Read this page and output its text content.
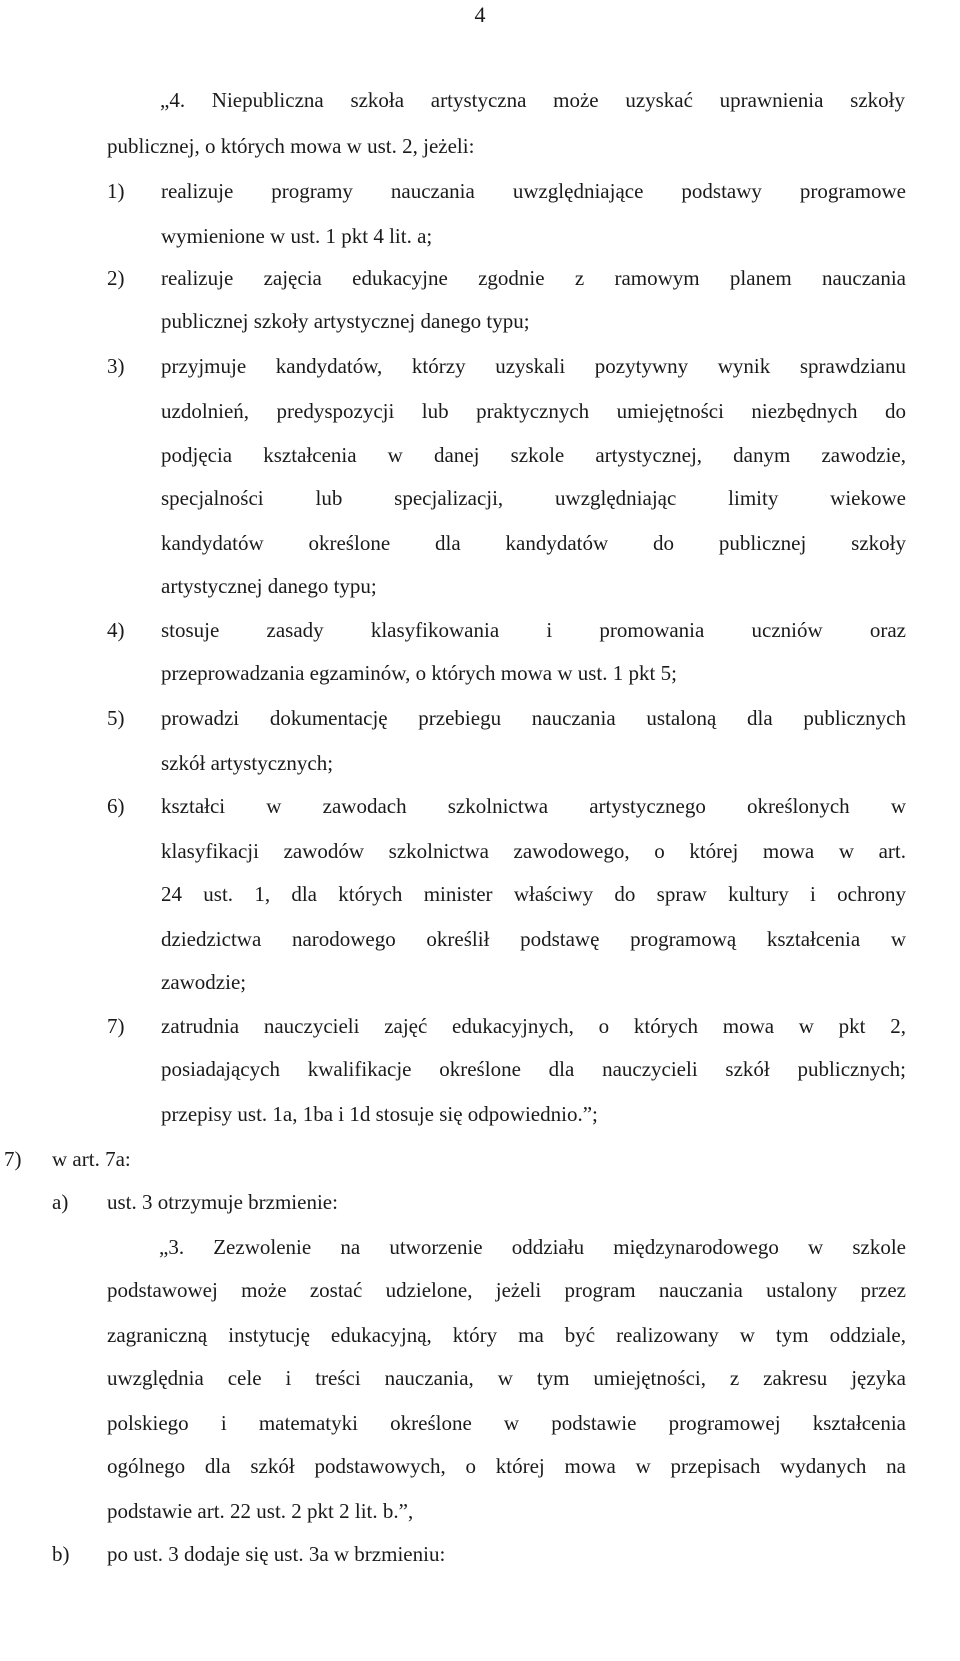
4
„4. Niepubliczna szkoła artystyczna może uzyskać uprawnienia szkoły
publicznej, o których mowa w ust. 2, jeżeli:
1) realizuje programy nauczania uwzględniające podstawy programowe
wymienione w ust. 1 pkt 4 lit. a;
2) realizuje zajęcia edukacyjne zgodnie z ramowym planem nauczania
publicznej szkoły artystycznej danego typu;
3) przyjmuje kandydatów, którzy uzyskali pozytywny wynik sprawdzianu
uzdolnień, predyspozycji lub praktycznych umiejętności niezbędnych do
podjęcia kształcenia w danej szkole artystycznej, danym zawodzie,
specjalności lub specjalizacji, uwzględniając limity wiekowe
kandydatów określone dla kandydatów do publicznej szkoły
artystycznej danego typu;
4) stosuje zasady klasyfikowania i promowania uczniów oraz
przeprowadzania egzaminów, o których mowa w ust. 1 pkt 5;
5) prowadzi dokumentację przebiegu nauczania ustaloną dla publicznych
szkół artystycznych;
6) kształci w zawodach szkolnictwa artystycznego określonych w
klasyfikacji zawodów szkolnictwa zawodowego, o której mowa w art.
24 ust. 1, dla których minister właściwy do spraw kultury i ochrony
dziedzictwa narodowego określił podstawę programową kształcenia w
zawodzie;
7) zatrudnia nauczycieli zajęć edukacyjnych, o których mowa w pkt 2,
posiadających kwalifikacje określone dla nauczycieli szkół publicznych;
przepisy ust. 1a, 1ba i 1d stosuje się odpowiednio.”;
7) w art. 7a:
a) ust. 3 otrzymuje brzmienie:
„3. Zezwolenie na utworzenie oddziału międzynarodowego w szkole
podstawowej może zostać udzielone, jeżeli program nauczania ustalony przez
zagraniczną instytucję edukacyjną, który ma być realizowany w tym oddziale,
uwzględnia cele i treści nauczania, w tym umiejętności, z zakresu języka
polskiego i matematyki określone w podstawie programowej kształcenia
ogólnego dla szkół podstawowych, o której mowa w przepisach wydanych na
podstawie art. 22 ust. 2 pkt 2 lit. b.”,
b) po ust. 3 dodaje się ust. 3a w brzmieniu:
